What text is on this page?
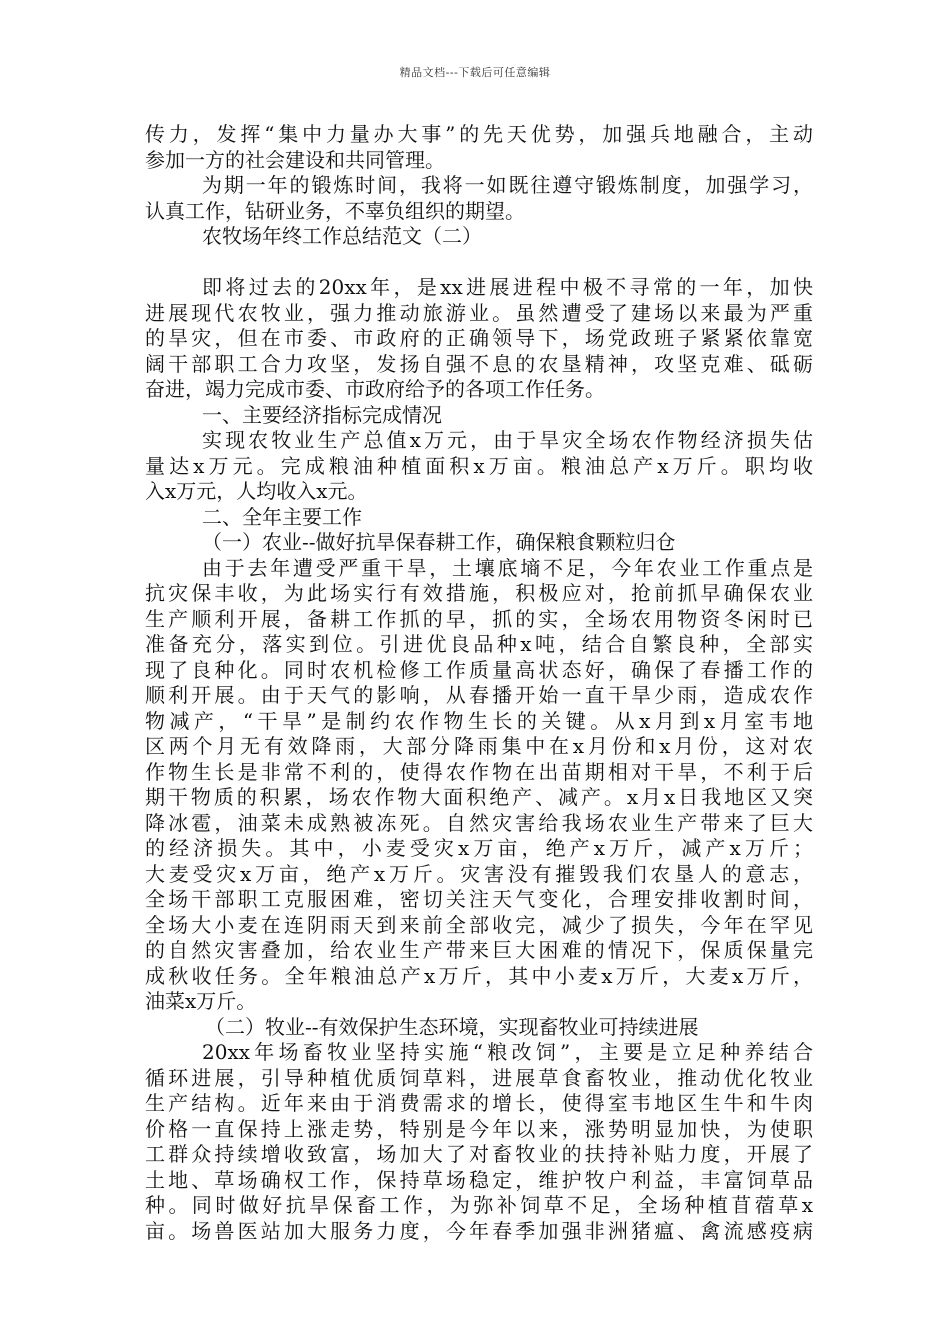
精品文档---下载后可任意编辑
传力，发挥“集中力量办大事”的先天优势，加强兵地融合，主动
参加一方的社会建设和共同管理。
为期一年的锻炼时间，我将一如既往遵守锻炼制度，加强学习，
认真工作，钻研业务，不辜负组织的期望。
农牧场年终工作总结范文（二）

即将过去的20xx年，是xx进展进程中极不寻常的一年，加快
进展现代农牧业，强力推动旅游业。虽然遭受了建场以来最为严重
的旱灾，但在市委、市政府的正确领导下，场党政班子紧紧依靠宽
阔干部职工合力攻坚，发扬自强不息的农垦精神，攻坚克难、砥砺
奋进，竭力完成市委、市政府给予的各项工作任务。
一、主要经济指标完成情况
实现农牧业生产总值x万元，由于旱灾全场农作物经济损失估
量达x万元。完成粮油种植面积x万亩。粮油总产x万斤。职均收
入x万元，人均收入x元。
二、全年主要工作
（一）农业--做好抗旱保春耕工作，确保粮食颗粒归仓
由于去年遭受严重干旱，土壤底墒不足，今年农业工作重点是
抗灾保丰收，为此场实行有效措施，积极应对，抢前抓早确保农业
生产顺利开展，备耕工作抓的早，抓的实，全场农用物资冬闲时已
准备充分，落实到位。引进优良品种x吨，结合自繁良种，全部实
现了良种化。同时农机检修工作质量高状态好，确保了春播工作的
顺利开展。由于天气的影响，从春播开始一直干旱少雨，造成农作
物减产，“干旱”是制约农作物生长的关键。从x月到x月室韦地
区两个月无有效降雨，大部分降雨集中在x月份和x月份，这对农
作物生长是非常不利的，使得农作物在出苗期相对干旱，不利于后
期干物质的积累，场农作物大面积绝产、减产。x月x日我地区又突
降冰雹，油菜未成熟被冻死。自然灾害给我场农业生产带来了巨大
的经济损失。其中，小麦受灾x万亩，绝产x万斤，减产x万斤；
大麦受灾x万亩，绝产x万斤。灾害没有摧毁我们农垦人的意志，
全场干部职工克服困难，密切关注天气变化，合理安排收割时间，
全场大小麦在连阴雨天到来前全部收完，减少了损失，今年在罕见
的自然灾害叠加，给农业生产带来巨大困难的情况下，保质保量完
成秋收任务。全年粮油总产x万斤，其中小麦x万斤，大麦x万斤，
油菜x万斤。
（二）牧业--有效保护生态环境，实现畜牧业可持续进展
20xx年场畜牧业坚持实施“粮改饲”，主要是立足种养结合
循环进展，引导种植优质饲草料，进展草食畜牧业，推动优化牧业
生产结构。近年来由于消费需求的增长，使得室韦地区生牛和牛肉
价格一直保持上涨走势，特别是今年以来，涨势明显加快，为使职
工群众持续增收致富，场加大了对畜牧业的扶持补贴力度，开展了
土地、草场确权工作，保持草场稳定，维护牧户利益，丰富饲草品
种。同时做好抗旱保畜工作，为弥补饲草不足，全场种植苜蓿草x
亩。场兽医站加大服务力度，今年春季加强非洲猪瘟、禽流感疫病
